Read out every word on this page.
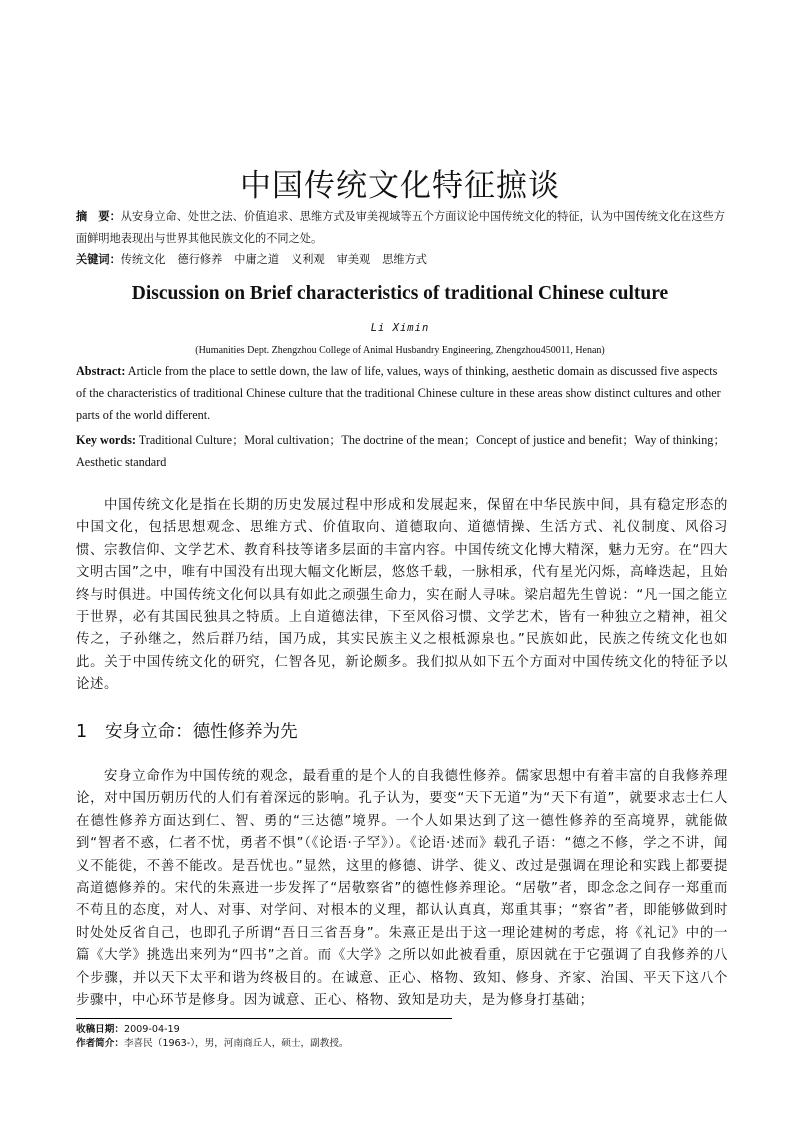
中国传统文化特征摭谈
摘　要：从安身立命、处世之法、价值追求、思维方式及审美视域等五个方面议论中国传统文化的特征，认为中国传统文化在这些方面鲜明地表现出与世界其他民族文化的不同之处。
关键词：传统文化 德行修养 中庸之道 义利观 审美观 思维方式
Discussion on Brief characteristics of traditional Chinese culture
Li Ximin
(Humanities Dept. Zhengzhou College of Animal Husbandry Engineering, Zhengzhou450011, Henan)
Abstract: Article from the place to settle down, the law of life, values, ways of thinking, aesthetic domain as discussed five aspects of the characteristics of traditional Chinese culture that the traditional Chinese culture in these areas show distinct cultures and other parts of the world different.
Key words: Traditional Culture；Moral cultivation；The doctrine of the mean；Concept of justice and benefit；Way of thinking；Aesthetic standard
中国传统文化是指在长期的历史发展过程中形成和发展起来，保留在中华民族中间，具有稳定形态的中国文化，包括思想观念、思维方式、价值取向、道德取向、道德情操、生活方式、礼仪制度、风俗习惯、宗教信仰、文学艺术、教育科技等诸多层面的丰富内容。中国传统文化博大精深，魅力无穷。在“四大文明古国”之中，唯有中国没有出现大幅文化断层，悠悠千载，一脉相承，代有星光闪烁，高峰迭起，且始终与时俱进。中国传统文化何以具有如此之顽强生命力，实在耐人寻味。梁启超先生曾说：“凡一国之能立于世界，必有其国民独具之特质。上自道德法律，下至风俗习惯、文学艺术，皆有一种独立之精神，祖父传之，子孙继之，然后群乃结，国乃成，其实民族主义之根柢源泉也。”民族如此，民族之传统文化也如此。关于中国传统文化的研究，仁智各见，新论颇多。我们拟从如下五个方面对中国传统文化的特征予以论述。
1 安身立命：德性修养为先
安身立命作为中国传统的观念，最看重的是个人的自我德性修养。儒家思想中有着丰富的自我修养理论，对中国历朝历代的人们有着深远的影响。孔子认为，要变“天下无道”为“天下有道”，就要求志士仁人在德性修养方面达到仁、智、勇的“三达德”境界。一个人如果达到了这一德性修养的至高境界，就能做到“智者不惑，仁者不忧，勇者不惧”（《论语·子罕》）。《论语·述而》载孔子语：“德之不修，学之不讲，闻义不能徙，不善不能改。是吾忧也。”显然，这里的修德、讲学、徙义、改过是强调在理论和实践上都要提高道德修养的。宋代的朱熹进一步发挥了“居敬察省”的德性修养理论。“居敬”者，即念念之间存一郑重而不苟且的态度，对人、对事、对学问、对根本的义理，都认认真真，郑重其事；“察省”者，即能够做到时时处处反省自己，也即孔子所谓“吾日三省吾身”。朱熹正是出于这一理论建树的考虑，将《礼记》中的一篇《大学》挑选出来列为“四书”之首。而《大学》之所以如此被看重，原因就在于它强调了自我修养的八个步骤，并以天下太平和谐为终极目的。在诚意、正心、格物、致知、修身、齐家、治国、平天下这八个步骤中，中心环节是修身。因为诚意、正心、格物、致知是功夫，是为修身打基础；
收稿日期：2009-04-19
作者简介：李喜民（1963-），男，河南商丘人，硕士，副教授。
